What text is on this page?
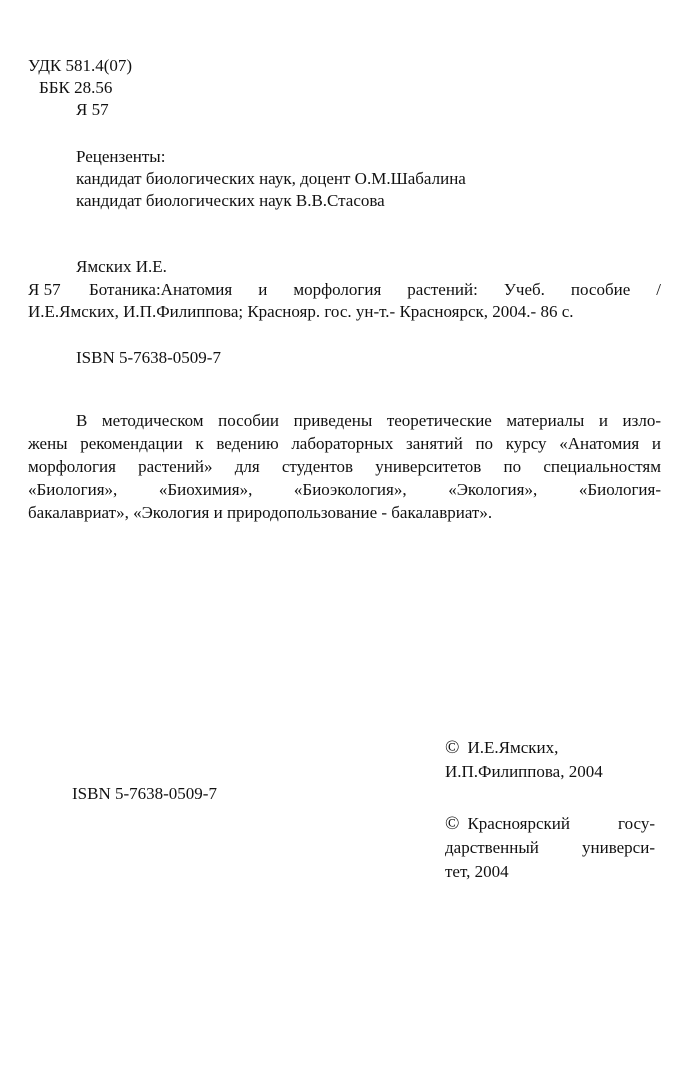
УДК 581.4(07)
ББК 28.56
Я 57
Рецензенты:
кандидат биологических наук, доцент О.М.Шабалина
кандидат биологических наук В.В.Стасова
Ямских И.Е.
Я 57 Ботаника:Анатомия и морфология растений: Учеб. пособие /
И.Е.Ямских, И.П.Филиппова; Краснояр. гос. ун-т.- Красноярск, 2004.- 86 с.
ISBN 5-7638-0509-7
В методическом пособии приведены теоретические материалы и изло-
жены рекомендации к ведению лабораторных занятий по курсу «Анатомия и
морфология растений» для студентов университетов по специальностям
«Биология», «Биохимия», «Биоэкология», «Экология», «Биология-
бакалавриат», «Экология и природопользование - бакалавриат».
ISBN 5-7638-0509-7
© И.Е.Ямских,
И.П.Филиппова, 2004
© Красноярский госу-
дарственный универси-
тет, 2004
